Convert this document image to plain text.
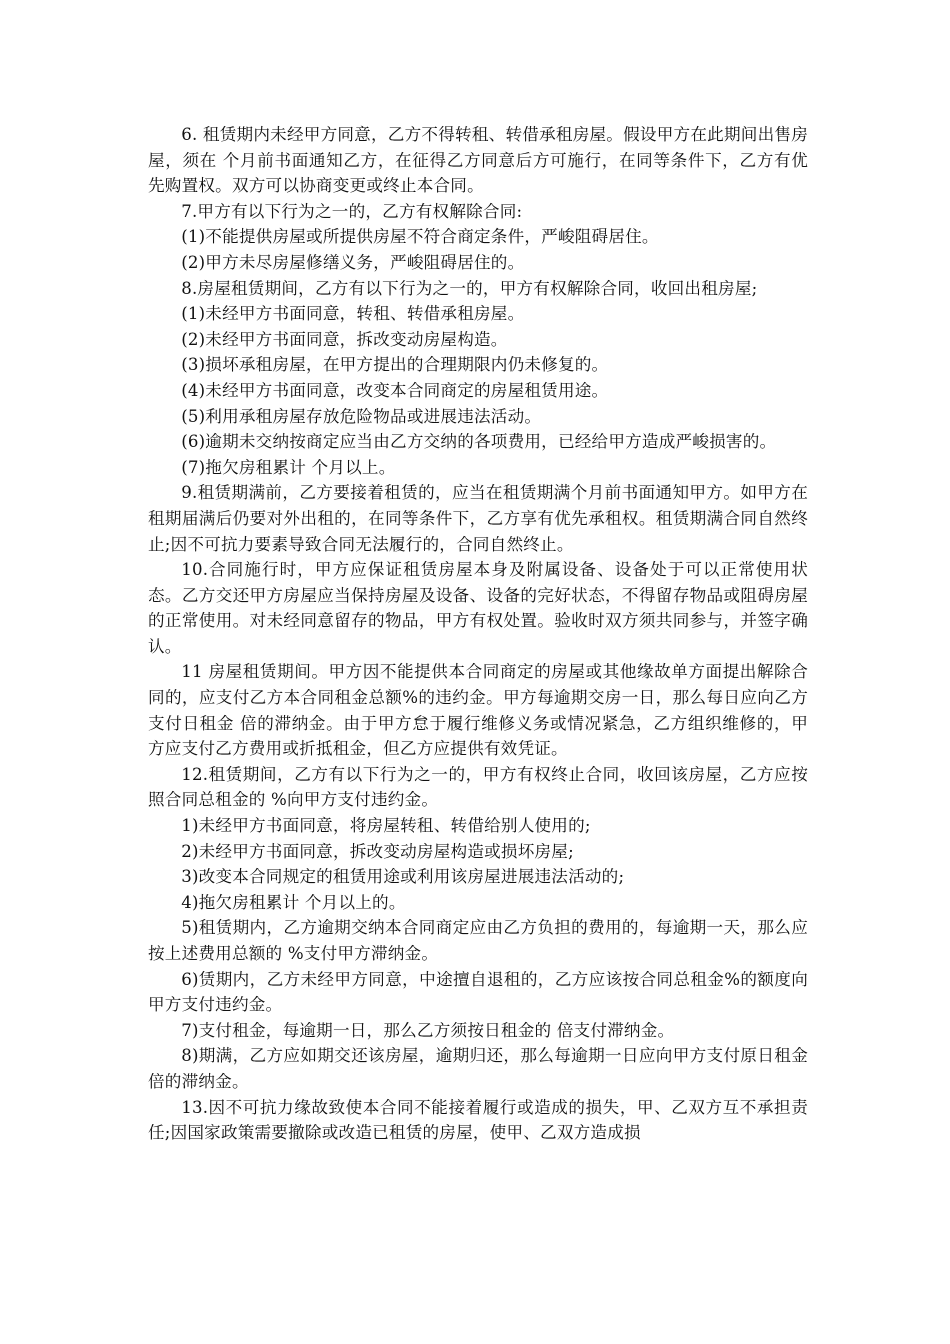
6. 租赁期内未经甲方同意，乙方不得转租、转借承租房屋。假设甲方在此期间出售房屋，须在 个月前书面通知乙方，在征得乙方同意后方可施行，在同等条件下，乙方有优先购置权。双方可以协商变更或终止本合同。

7.甲方有以下行为之一的，乙方有权解除合同:

(1)不能提供房屋或所提供房屋不符合商定条件，严峻阻碍居住。

(2)甲方未尽房屋修缮义务，严峻阻碍居住的。

8.房屋租赁期间，乙方有以下行为之一的，甲方有权解除合同，收回出租房屋;

(1)未经甲方书面同意，转租、转借承租房屋。

(2)未经甲方书面同意，拆改变动房屋构造。

(3)损坏承租房屋，在甲方提出的合理期限内仍未修复的。

(4)未经甲方书面同意，改变本合同商定的房屋租赁用途。

(5)利用承租房屋存放危险物品或进展违法活动。

(6)逾期未交纳按商定应当由乙方交纳的各项费用，已经给甲方造成严峻损害的。

(7)拖欠房租累计 个月以上。

9.租赁期满前，乙方要接着租赁的，应当在租赁期满个月前书面通知甲方。如甲方在租期届满后仍要对外出租的，在同等条件下，乙方享有优先承租权。租赁期满合同自然终止;因不可抗力要素导致合同无法履行的，合同自然终止。

10.合同施行时，甲方应保证租赁房屋本身及附属设备、设备处于可以正常使用状态。乙方交还甲方房屋应当保持房屋及设备、设备的完好状态，不得留存物品或阻碍房屋的正常使用。对未经同意留存的物品，甲方有权处置。验收时双方须共同参与，并签字确认。

11 房屋租赁期间。甲方因不能提供本合同商定的房屋或其他缘故单方面提出解除合同的，应支付乙方本合同租金总额%的违约金。甲方每逾期交房一日，那么每日应向乙方支付日租金 倍的滞纳金。由于甲方怠于履行维修义务或情况紧急，乙方组织维修的，甲方应支付乙方费用或折抵租金，但乙方应提供有效凭证。

12.租赁期间，乙方有以下行为之一的，甲方有权终止合同，收回该房屋，乙方应按照合同总租金的 %向甲方支付违约金。

1)未经甲方书面同意，将房屋转租、转借给别人使用的;

2)未经甲方书面同意，拆改变动房屋构造或损坏房屋;

3)改变本合同规定的租赁用途或利用该房屋进展违法活动的;

4)拖欠房租累计 个月以上的。

5)租赁期内，乙方逾期交纳本合同商定应由乙方负担的费用的，每逾期一天，那么应按上述费用总额的 %支付甲方滞纳金。

6)赁期内，乙方未经甲方同意，中途擅自退租的，乙方应该按合同总租金%的额度向甲方支付违约金。

7)支付租金，每逾期一日，那么乙方须按日租金的 倍支付滞纳金。

8)期满，乙方应如期交还该房屋，逾期归还，那么每逾期一日应向甲方支付原日租金倍的滞纳金。

13.因不可抗力缘故致使本合同不能接着履行或造成的损失，甲、乙双方互不承担责任;因国家政策需要撤除或改造已租赁的房屋，使甲、乙双方造成损
